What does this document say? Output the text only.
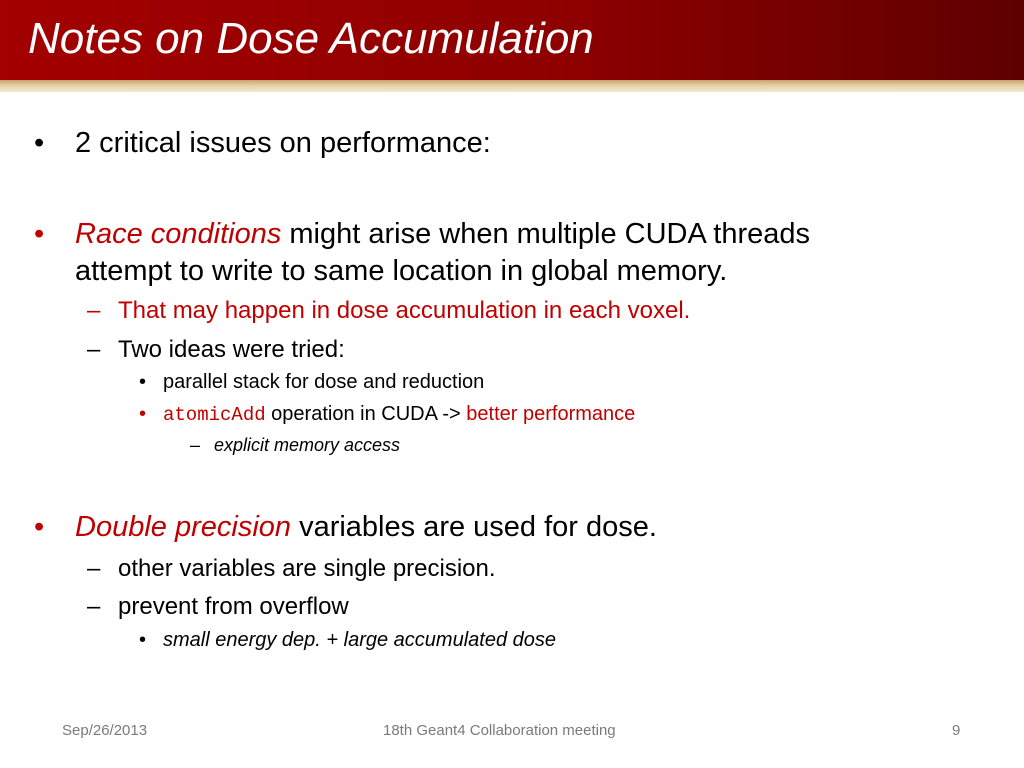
Notes on Dose Accumulation
• 2 critical issues on performance:
• Race conditions might arise when multiple CUDA threads
attempt to write to same location in global memory.
– That may happen in dose accumulation in each voxel.
– Two ideas were tried:
• parallel stack for dose and reduction
• atomicAdd operation in CUDA -> better performance
– explicit memory access
• Double precision variables are used for dose.
– other variables are single precision.
– prevent from overflow
• small energy dep. + large accumulated dose
Sep/26/2013	18th Geant4 Collaboration meeting	9
